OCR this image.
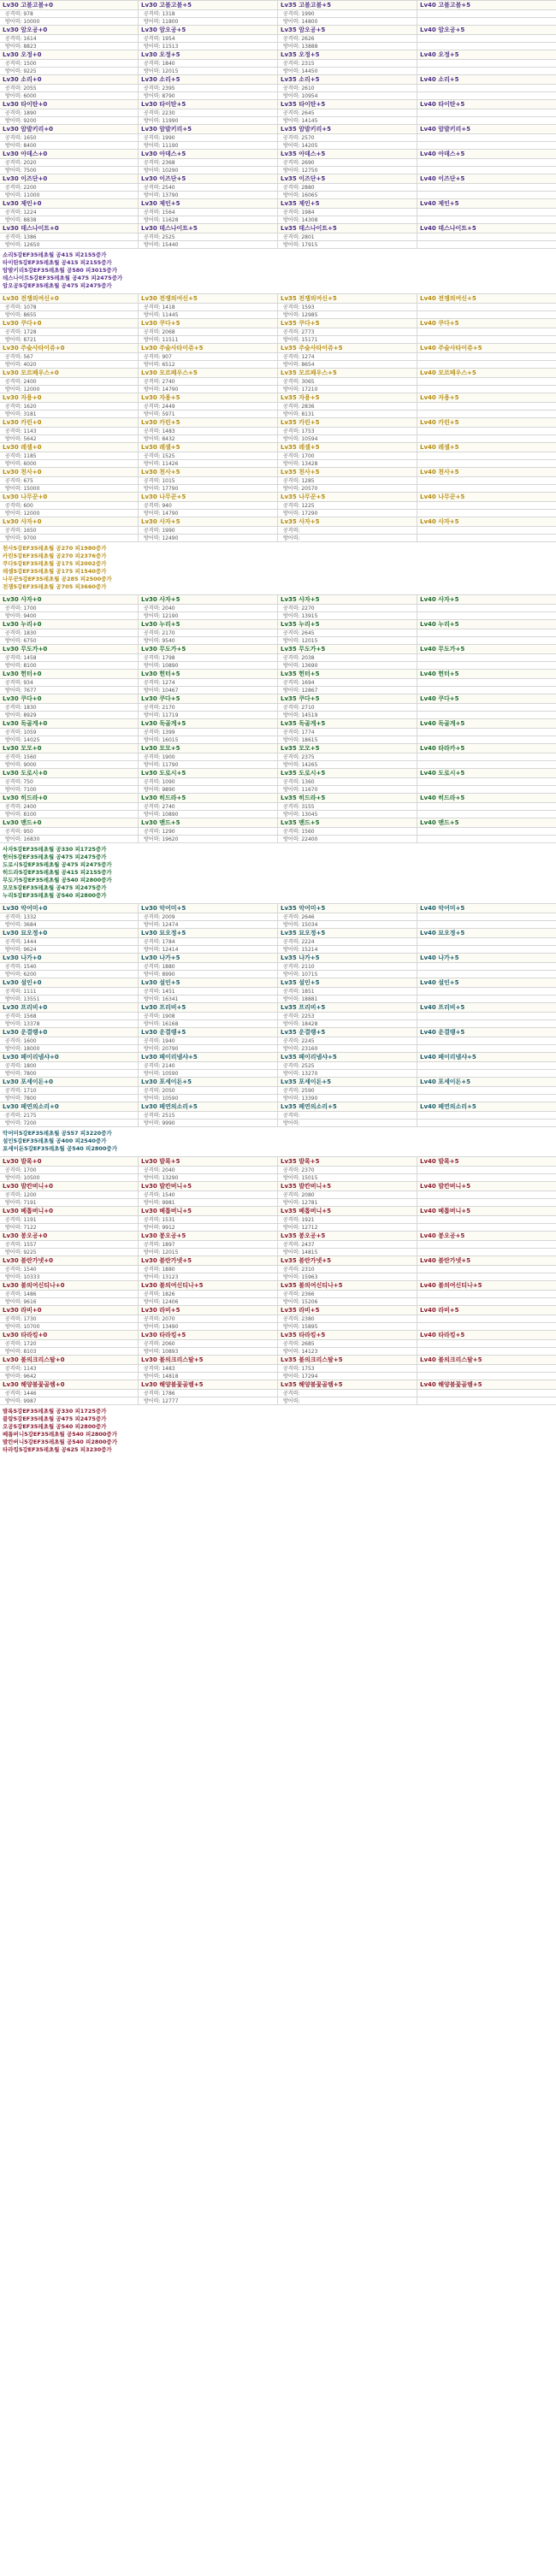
Lv30 고블고블+0	Lv30 고블고블+5	Lv35 고블고블+5	Lv40 고블고블+5
공격력: 978	공격력: 1318	공격력: 1990
방어력: 10000	방어력: 11800	방어력: 14800
Lv30 암오공+0	Lv30 암오공+5	Lv35 암오공+5	Lv40 암오공+5
공격력: 1614	공격력: 1954	공격력: 2626
방어력: 8823	방어력: 11513	방어력: 13888
Lv30 오정+0	Lv30 오정+5	Lv35 오정+5	Lv40 오정+5
공격력: 1500	공격력: 1840	공격력: 2315
방어력: 9225	방어력: 12015	방어력: 14450
Lv30 소리+0	Lv30 소리+5	Lv35 소리+5	Lv40 소리+5
공격력: 2055	공격력: 2395	공격력: 2610
방어력: 6000	방어력: 8790	방어력: 10954
Lv30 타이탄+0	Lv30 타이탄+5	Lv35 타이탄+5	Lv40 타이탄+5
공격력: 1890	공격력: 2230	공격력: 2645
방어력: 9200	방어력: 11990	방어력: 14145
Lv30 암발키리+0	Lv30 암발키리+5	Lv35 암발키리+5	Lv40 암발키리+5
공격력: 1650	공격력: 1990	공격력: 2570
방어력: 8400	방어력: 11190	방어력: 14205
Lv30 아데스+0	Lv30 아데스+5	Lv35 아데스+5	Lv40 아데스+5
공격력: 2020	공격력: 2368	공격력: 2690
방어력: 7500	방어력: 10290	방어력: 12750
Lv30 이즈단+0	Lv30 이즈단+5	Lv35 이즈단+5	Lv40 이즈단+5
공격력: 2200	공격력: 2540	공격력: 2880
방어력: 11000	방어력: 13790	방어력: 16065
Lv30 제인+0	Lv30 제인+5	Lv35 제인+5	Lv40 제인+5
공격력: 1224	공격력: 1564	공격력: 1984
방어력: 8838	방어력: 11628	방어력: 14308
Lv30 데스나이트+0	Lv30 데스나이트+5	Lv35 데스나이트+5	Lv40 데스나이트+5
공격력: 1386	공격력: 2525	공격력: 2801
방어력: 12650	방어력: 15440	방어력: 17915
소리5강EF35레초월 공415 피2155증가
타이탄5강EF35레초월 공415 피2155증가
암발키리5강EF35레초월 공580 피3015증가
데스나이트5강EF35레초월 공475 피2475증가
암오공5강EF35레초월 공475 피2475증가
Lv30 전쟁의여신+0	Lv30 전쟁의여신+5	Lv35 전쟁의여신+5	Lv40 전쟁의여신+5
공격력: 1078	공격력: 1418	공격력: 1593
방어력: 8655	방어력: 11445	방어력: 12985
Lv30 쿠다+0	Lv30 쿠다+5	Lv35 쿠다+5	Lv40 쿠다+5
공격력: 1728	공격력: 2068	공격력: 2773
방어력: 8721	방어력: 11511	방어력: 15171
Lv30 주술사타이쥬+0	Lv30 주술사타이쥬+5	Lv35 주술사타이쥬+5	Lv40 주술사타이쥬+5
공격력: 567	공격력: 907	공격력: 1274
방어력: 4020	방어력: 6512	방어력: 8654
Lv30 모르페우스+0	Lv30 모르페우스+5	Lv35 모르페우스+5	Lv40 모르페우스+5
공격력: 2400	공격력: 2740	공격력: 3065
방어력: 12000	방어력: 14790	방어력: 17210
Lv30 자용+0	Lv30 자용+5	Lv35 자용+5	Lv40 자용+5
공격력: 1620	공격력: 2449	공격력: 2836
방어력: 3181	방어력: 5971	방어력: 8131
Lv30 카린+0	Lv30 카린+5	Lv35 카린+5	Lv40 카린+5
공격력: 1143	공격력: 1483	공격력: 1753
방어력: 5642	방어력: 8432	방어력: 10594
Lv30 레셀+0	Lv30 레셀+5	Lv35 레셀+5	Lv40 레셀+5
공격력: 1185	공격력: 1525	공격력: 1700
방어력: 6000	방어력: 11426	방어력: 13428
Lv30 천사+0	Lv30 천사+5	Lv35 천사+5	Lv40 천사+5
공격력: 675	공격력: 1015	공격력: 1285
방어력: 15000	방어력: 17790	방어력: 20570
Lv30 나무꾼+0	Lv30 나무꾼+5	Lv35 나무꾼+5	Lv40 나무꾼+5
공격력: 600	공격력: 940	공격력: 1225
방어력: 12000	방어력: 14790	방어력: 17290
Lv30 사자+0	Lv30 사자+5	Lv35 사자+5	Lv40 사자+5
공격력: 1650	공격력: 1990	공격력:
방어력: 9700	방어력: 12490	방어력:
천사5강EF35레초월 공270 피1980증가
카린5강EF35레초월 공270 피2376증가
쿠다5강EF35레초월 공175 피2002증가
레셀5강EF35레초월 공175 피1540증가
나무꾼5강EF35레초월 공285 피2500증가
전쟁5강EF35레초월 공705 피3660증가
Lv30 사자+0	Lv30 사자+5	Lv35 사자+5	Lv40 사자+5
공격력: 1700	공격력: 2040	공격력: 2270
방어력: 9400	방어력: 12190	방어력: 13915
Lv30 누리+0	Lv30 누리+5	Lv35 누리+5	Lv40 누리+5
공격력: 1830	공격력: 2170	공격력: 2645
방어력: 6750	방어력: 9540	방어력: 12015
Lv30 무도가+0	Lv30 무도가+5	Lv35 무도가+5	Lv40 무도가+5
공격력: 1458	공격력: 1798	공격력: 2038
방어력: 8100	방어력: 10890	방어력: 13690
Lv30 헌터+0	Lv30 헌터+5	Lv35 헌터+5	Lv40 헌터+5
공격력: 934	공격력: 1274	공격력: 1694
방어력: 7677	방어력: 10467	방어력: 12867
Lv30 쿠다+0	Lv30 쿠다+5	Lv35 쿠다+5	Lv40 쿠다+5
공격력: 1830	공격력: 2170	공격력: 2710
방어력: 8929	방어력: 11719	방어력: 14519
Lv30 독골게+0	Lv30 독골게+5	Lv35 독골게+5	Lv40 독골게+5
공격력: 1059	공격력: 1399	공격력: 1774
방어력: 14025	방어력: 16015	방어력: 18615
Lv30 모모+0	Lv30 모모+5	Lv35 모모+5	Lv40 타라카+5
공격력: 1560	공격력: 1900	공격력: 2375
방어력: 9000	방어력: 11790	방어력: 14265
Lv30 도로시+0	Lv30 도로시+5	Lv35 도로시+5	Lv40 도로시+5
공격력: 750	공격력: 1090	공격력: 1360
방어력: 7100	방어력: 9890	방어력: 11670
Lv30 히드라+0	Lv30 히드라+5	Lv35 히드라+5	Lv40 히드라+5
공격력: 2400	공격력: 2740	공격력: 3155
방어력: 8100	방어력: 10890	방어력: 13045
Lv30 맨드+0	Lv30 맨드+5	Lv35 맨드+5	Lv40 맨드+5
공격력: 950	공격력: 1290	공격력: 1560
방어력: 16830	방어력: 19620	방어력: 22400
사자5강EF35레초월 공330 피1725증가
헌터5강EF35레초월 공475 피2475증가
도로시5강EF35레초월 공475 피2475증가
히드라5강EF35레초월 공415 피2155증가
무도가5강EF35레초월 공540 피2800증가
모모5강EF35레초월 공475 피2475증가
누리5강EF35레초월 공540 피2800증가
Lv30 악어미+0	Lv30 악어미+5	Lv35 악어미+5	Lv40 악어미+5
공격력: 1332	공격력: 2009	공격력: 2646
방어력: 3684	방어력: 12474	방어력: 15034
Lv30 묘오정+0	Lv30 묘오정+5	Lv35 묘오정+5	Lv40 묘오정+5
공격력: 1444	공격력: 1784	공격력: 2224
방어력: 9624	방어력: 12414	방어력: 15214
Lv30 나가+0	Lv30 나가+5	Lv35 나가+5	Lv40 나가+5
공격력: 1540	공격력: 1880	공격력: 2110
방어력: 6200	방어력: 8990	방어력: 10715
Lv30 설인+0	Lv30 설인+5	Lv35 설인+5	Lv40 설인+5
공격력: 1111	공격력: 1451	공격력: 1851
방어력: 13551	방어력: 16341	방어력: 18881
Lv30 프리비+0	Lv30 프리비+5	Lv35 프리비+5	Lv40 프리비+5
공격력: 1568	공격력: 1908	공격력: 2253
방어력: 13378	방어력: 16168	방어력: 18428
Lv30 운결랭+0	Lv30 운결랭+5	Lv35 운결랭+5	Lv40 운결랭+5
공격력: 1600	공격력: 1940	공격력: 2245
방어력: 18000	방어력: 20790	방어력: 23160
Lv30 페이리넴샤+0	Lv30 페이리넴샤+5	Lv35 페이리넴샤+5	Lv40 페이리넴샤+5
공격력: 1800	공격력: 2140	공격력: 2525
방어력: 7800	방어력: 10590	방어력: 13270
Lv30 포세이돈+0	Lv30 포세이돈+5	Lv35 포세이돈+5	Lv40 포세이돈+5
공격력: 1710	공격력: 2050	공격력: 2590
방어력: 7800	방어력: 10590	방어력: 13390
Lv30 페연의소리+0	Lv30 페연의소리+5	Lv35 페연의소리+5	Lv40 페연의소리+5
공격력: 2175	공격력: 2515	공격력:
방어력: 7200	방어력: 9990	방어력:
악어미5강EF35레초월 공557 피3220증가
설인5강EF35레초월 공400 피2540증가
포세이돈5강EF35레초월 공540 피2800증가
Lv30 발록+0	Lv30 발록+5	Lv35 발록+5	Lv40 발록+5
공격력: 1700	공격력: 2040	공격력: 2370
방어력: 10500	방어력: 13290	방어력: 15015
Lv30 발칸버니+0	Lv30 발칸버니+5	Lv35 발칸버니+5	Lv40 발칸버니+5
공격력: 1200	공격력: 1540	공격력: 2080
방어력: 7191	방어력: 9981	방어력: 12781
Lv30 베톱버니+0	Lv30 베톱버니+5	Lv35 베톱버니+5	Lv40 베톱버니+5
공격력: 1191	공격력: 1531	공격력: 1921
방어력: 7122	방어력: 9912	방어력: 12712
Lv30 봉오공+0	Lv30 봉오공+5	Lv35 봉오공+5	Lv40 봉오공+5
공격력: 1557	공격력: 1897	공격력: 2437
방어력: 9225	방어력: 12015	방어력: 14815
Lv30 블란가넷+0	Lv30 블란가넷+5	Lv35 블란가넷+5	Lv40 블란가넷+5
공격력: 1540	공격력: 1880	공격력: 2310
방어력: 10333	방어력: 13123	방어력: 15963
Lv30 불의여신티나+0	Lv30 불의여신티나+5	Lv35 불의여신티나+5	Lv40 불의여신티나+5
공격력: 1486	공격력: 1826	공격력: 2366
방어력: 9616	방어력: 12406	방어력: 15206
Lv30 라비+0	Lv30 라비+5	Lv35 라비+5	Lv40 라비+5
공격력: 1730	공격력: 2070	공격력: 2380
방어력: 10700	방어력: 13490	방어력: 15895
Lv30 타라킹+0	Lv30 타라킹+5	Lv35 타라킹+5	Lv40 타라킹+5
공격력: 1720	공격력: 2060	공격력: 2685
방어력: 8103	방어력: 10893	방어력: 14123
Lv30 불의크리스탈+0	Lv30 불의크리스탈+5	Lv35 불의크리스탈+5	Lv40 불의크리스탈+5
공격력: 1143	공격력: 1483	공격력: 1753
방어력: 9642	방어력: 14818	방어력: 17294
Lv30 해양불꽃골렘+0	Lv30 해양불꽃골렘+5	Lv35 해양불꽃골렘+5	Lv40 해양불꽃골렘+5
공격력: 1446	공격력: 1786	공격력:
방어력: 9987	방어력: 12777	방어력:
발록5강EF35레초월 공330 피1725증가
블랑5강EF35레초월 공475 피2475증가
오공5강EF35레초월 공540 피2800증가
베톱버니5강EF35레초월 공540 피2800증가
발칸버니5강EF35레초월 공540 피2800증가
타라킹5강EF35레초월 공625 피3230증가
